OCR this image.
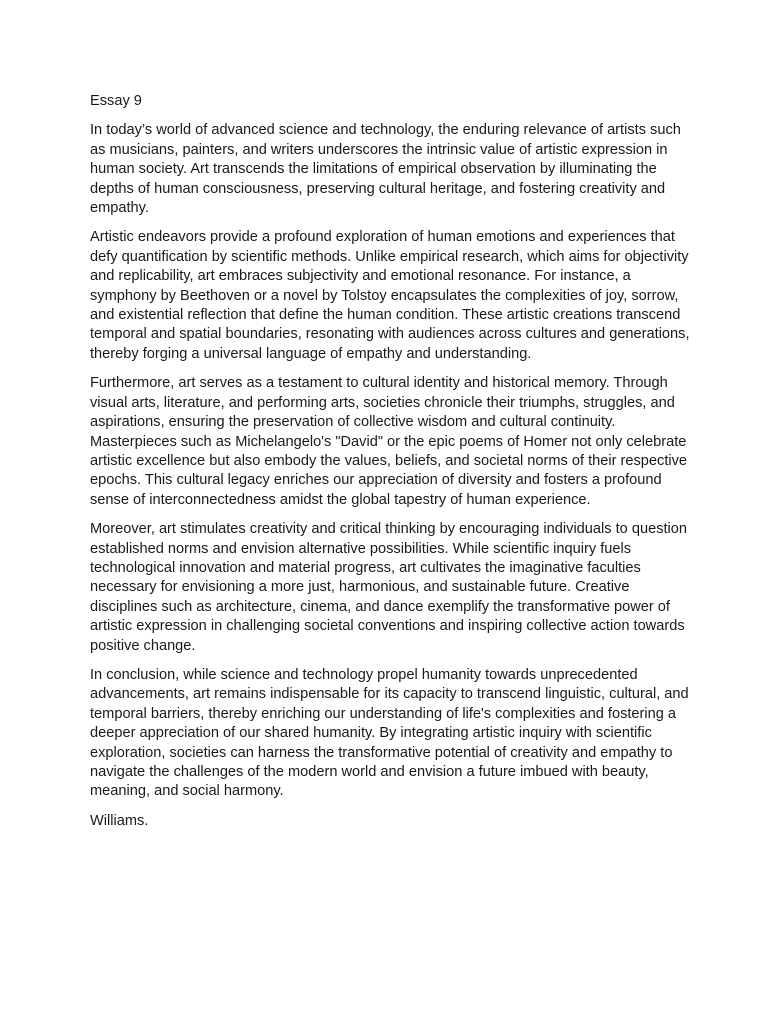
Essay 9

In today’s world of advanced science and technology, the enduring relevance of artists such as musicians, painters, and writers underscores the intrinsic value of artistic expression in human society. Art transcends the limitations of empirical observation by illuminating the depths of human consciousness, preserving cultural heritage, and fostering creativity and empathy.

Artistic endeavors provide a profound exploration of human emotions and experiences that defy quantification by scientific methods. Unlike empirical research, which aims for objectivity and replicability, art embraces subjectivity and emotional resonance. For instance, a symphony by Beethoven or a novel by Tolstoy encapsulates the complexities of joy, sorrow, and existential reflection that define the human condition. These artistic creations transcend temporal and spatial boundaries, resonating with audiences across cultures and generations, thereby forging a universal language of empathy and understanding.

Furthermore, art serves as a testament to cultural identity and historical memory. Through visual arts, literature, and performing arts, societies chronicle their triumphs, struggles, and aspirations, ensuring the preservation of collective wisdom and cultural continuity. Masterpieces such as Michelangelo's "David" or the epic poems of Homer not only celebrate artistic excellence but also embody the values, beliefs, and societal norms of their respective epochs. This cultural legacy enriches our appreciation of diversity and fosters a profound sense of interconnectedness amidst the global tapestry of human experience.

Moreover, art stimulates creativity and critical thinking by encouraging individuals to question established norms and envision alternative possibilities. While scientific inquiry fuels technological innovation and material progress, art cultivates the imaginative faculties necessary for envisioning a more just, harmonious, and sustainable future. Creative disciplines such as architecture, cinema, and dance exemplify the transformative power of artistic expression in challenging societal conventions and inspiring collective action towards positive change.

In conclusion, while science and technology propel humanity towards unprecedented advancements, art remains indispensable for its capacity to transcend linguistic, cultural, and temporal barriers, thereby enriching our understanding of life's complexities and fostering a deeper appreciation of our shared humanity. By integrating artistic inquiry with scientific exploration, societies can harness the transformative potential of creativity and empathy to navigate the challenges of the modern world and envision a future imbued with beauty, meaning, and social harmony.

Williams.
